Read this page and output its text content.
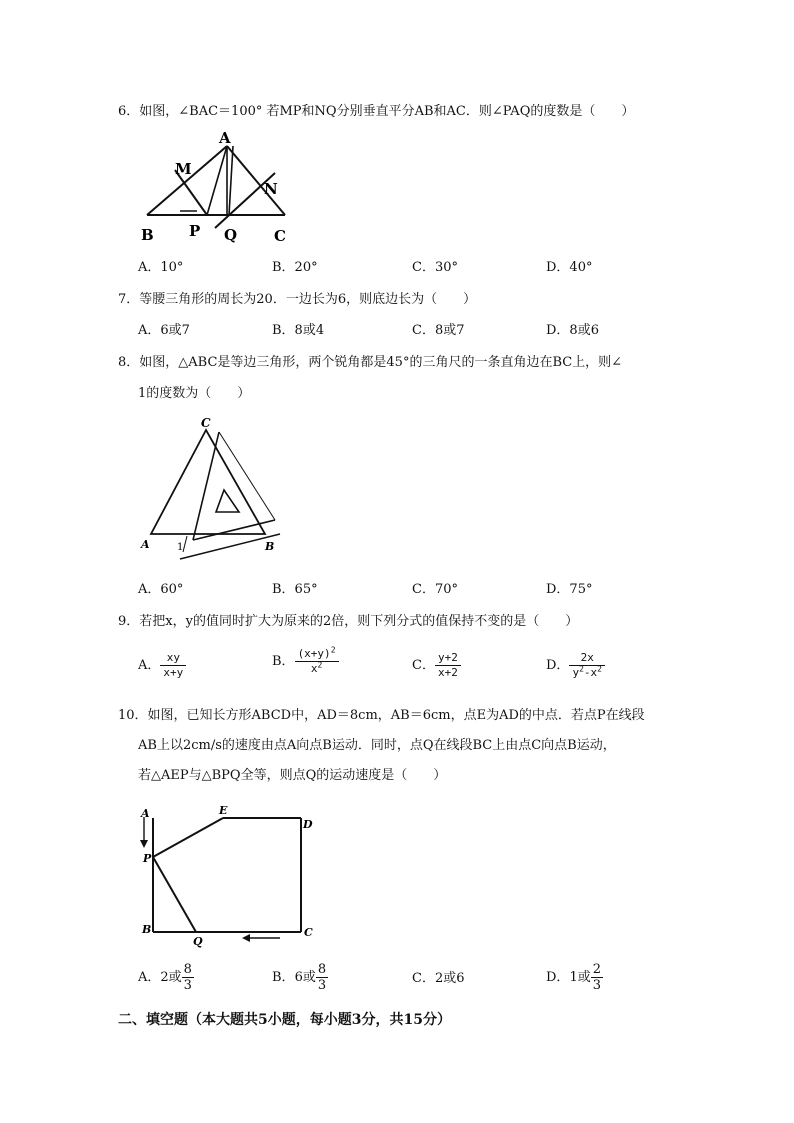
6．如图，∠BAC＝100° 若MP和NQ分别垂直平分AB和AC．则∠PAQ的度数是（　　）
A
M
N
B P Q C
A．10°	B．20°	C．30°	D．40°
7．等腰三角形的周长为20．一边长为6，则底边长为（　　）
A．6或7	B．8或4	C．8或7	D．8或6
8．如图，△ABC是等边三角形，两个锐角都是45°的三角尺的一条直角边在BC上，则∠
1的度数为（　　）
C
A	B
1
A．60°	B．65°	C．70°	D．75°
9．若把x，y的值同时扩大为原来的2倍，则下列分式的值保持不变的是（　　）
A． $\frac{xy}{x+y}$	B． $\frac{(x+y)^2}{x^2}$	C． $\frac{y+2}{x+2}$	D． $\frac{2x}{y^2-x^2}$
10．如图，已知长方形ABCD中，AD＝8cm，AB＝6cm，点E为AD的中点．若点P在线段
AB上以2cm/s的速度由点A向点B运动．同时，点Q在线段BC上由点C向点B运动，
若△AEP与△BPQ全等，则点Q的运动速度是（　　）
A	E
D
P
B
Q
C
A．2或 $\frac{8}{3}$	B．6或 $\frac{8}{3}$	C．2或6	D．1或 $\frac{2}{3}$
二、填空题（本大题共5小题，每小题3分，共15分）
